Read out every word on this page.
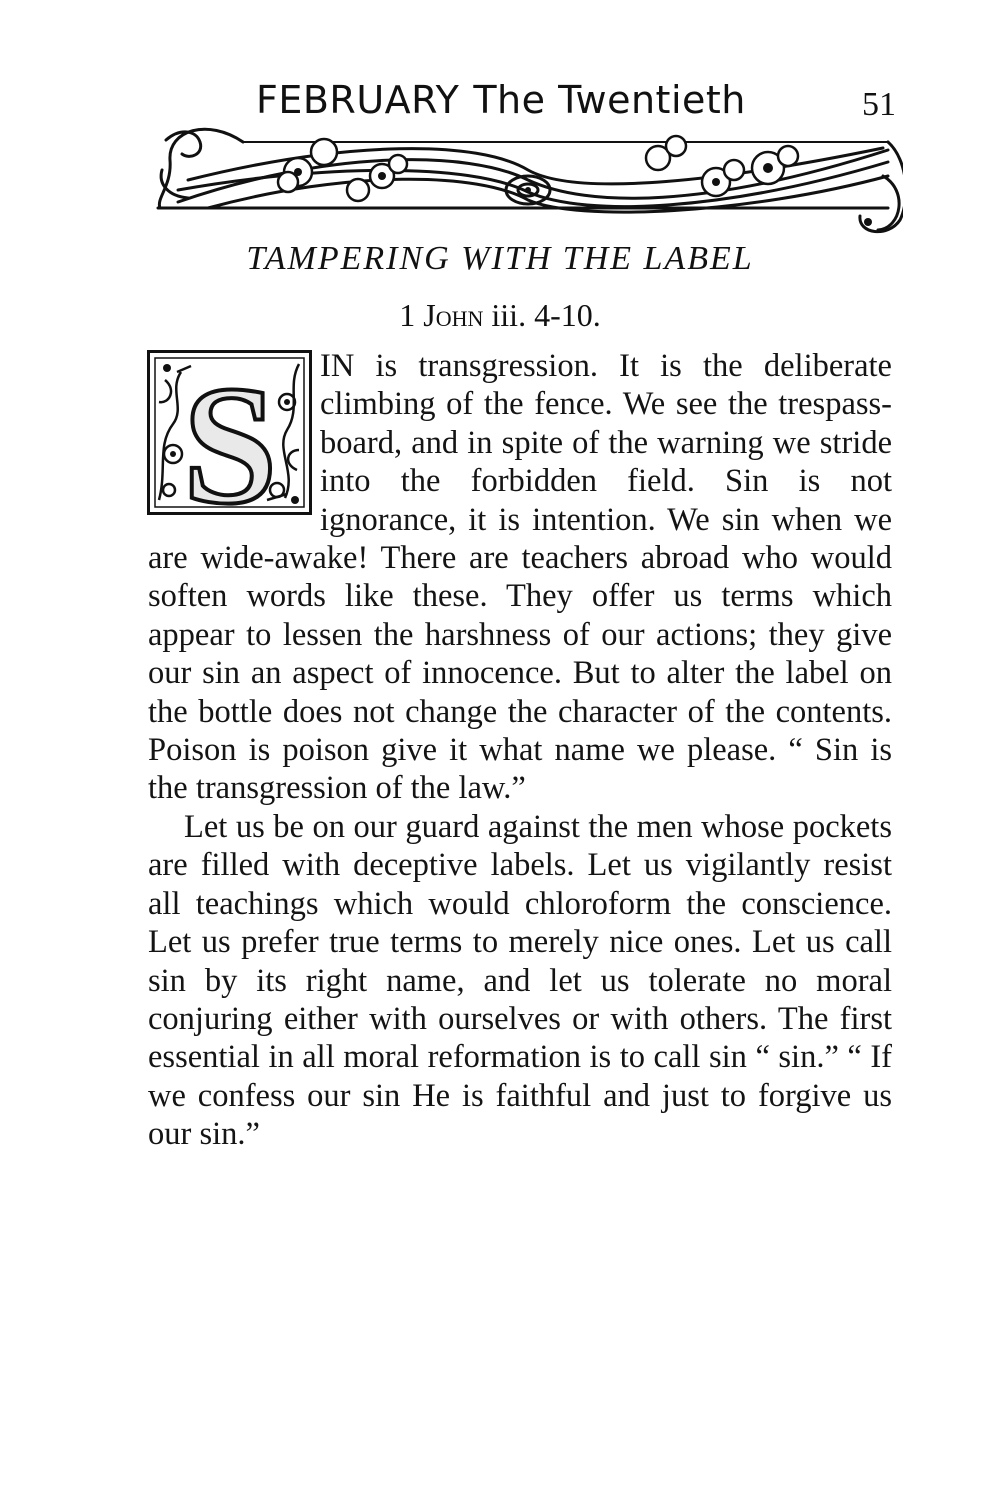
FEBRUARY The Twentieth	51
TAMPERING WITH THE LABEL
1 John iii. 4-10.
S	IN is transgression. It is the deliberate climbing of the fence. We see the trespass-board, and in spite of the warning we stride into the forbidden field. Sin is not ignorance, it is intention. We sin when we are wide-awake! There are teachers abroad who would soften words like these. They offer us terms which appear to lessen the harshness of our actions; they give our sin an aspect of innocence. But to alter the label on the bottle does not change the character of the contents. Poison is poison give it what name we please. “ Sin is the transgression of the law.”

Let us be on our guard against the men whose pockets are filled with deceptive labels. Let us vigilantly resist all teachings which would chloroform the conscience. Let us prefer true terms to merely nice ones. Let us call sin by its right name, and let us tolerate no moral conjuring either with ourselves or with others. The first essential in all moral reformation is to call sin “ sin.” “ If we confess our sin He is faithful and just to forgive us our sin.”
